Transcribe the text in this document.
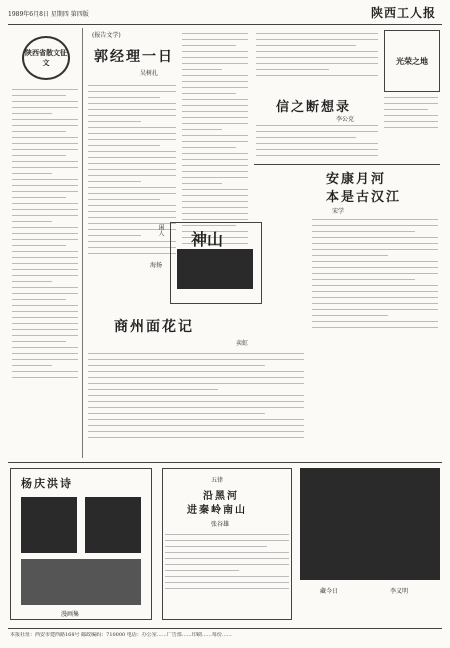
1989年6月8日 星期四 第四版	陕西工人报
陕西省散文征文
(报告文学)
郭经理一日
吴树扎
信之断想录
李公克
光荣之地
安康月河
本是古汉江
宋学
神山
闲人
海扬
商州面花记
卖虹
杨庆洪诗
漫画集
五律
沿黑河
进秦岭南山
张谷雄
藏今日	李义明
本报社址：西安市建西路168号 邮政编码：710000 电话：办公室……广告部……印刷……每份……
